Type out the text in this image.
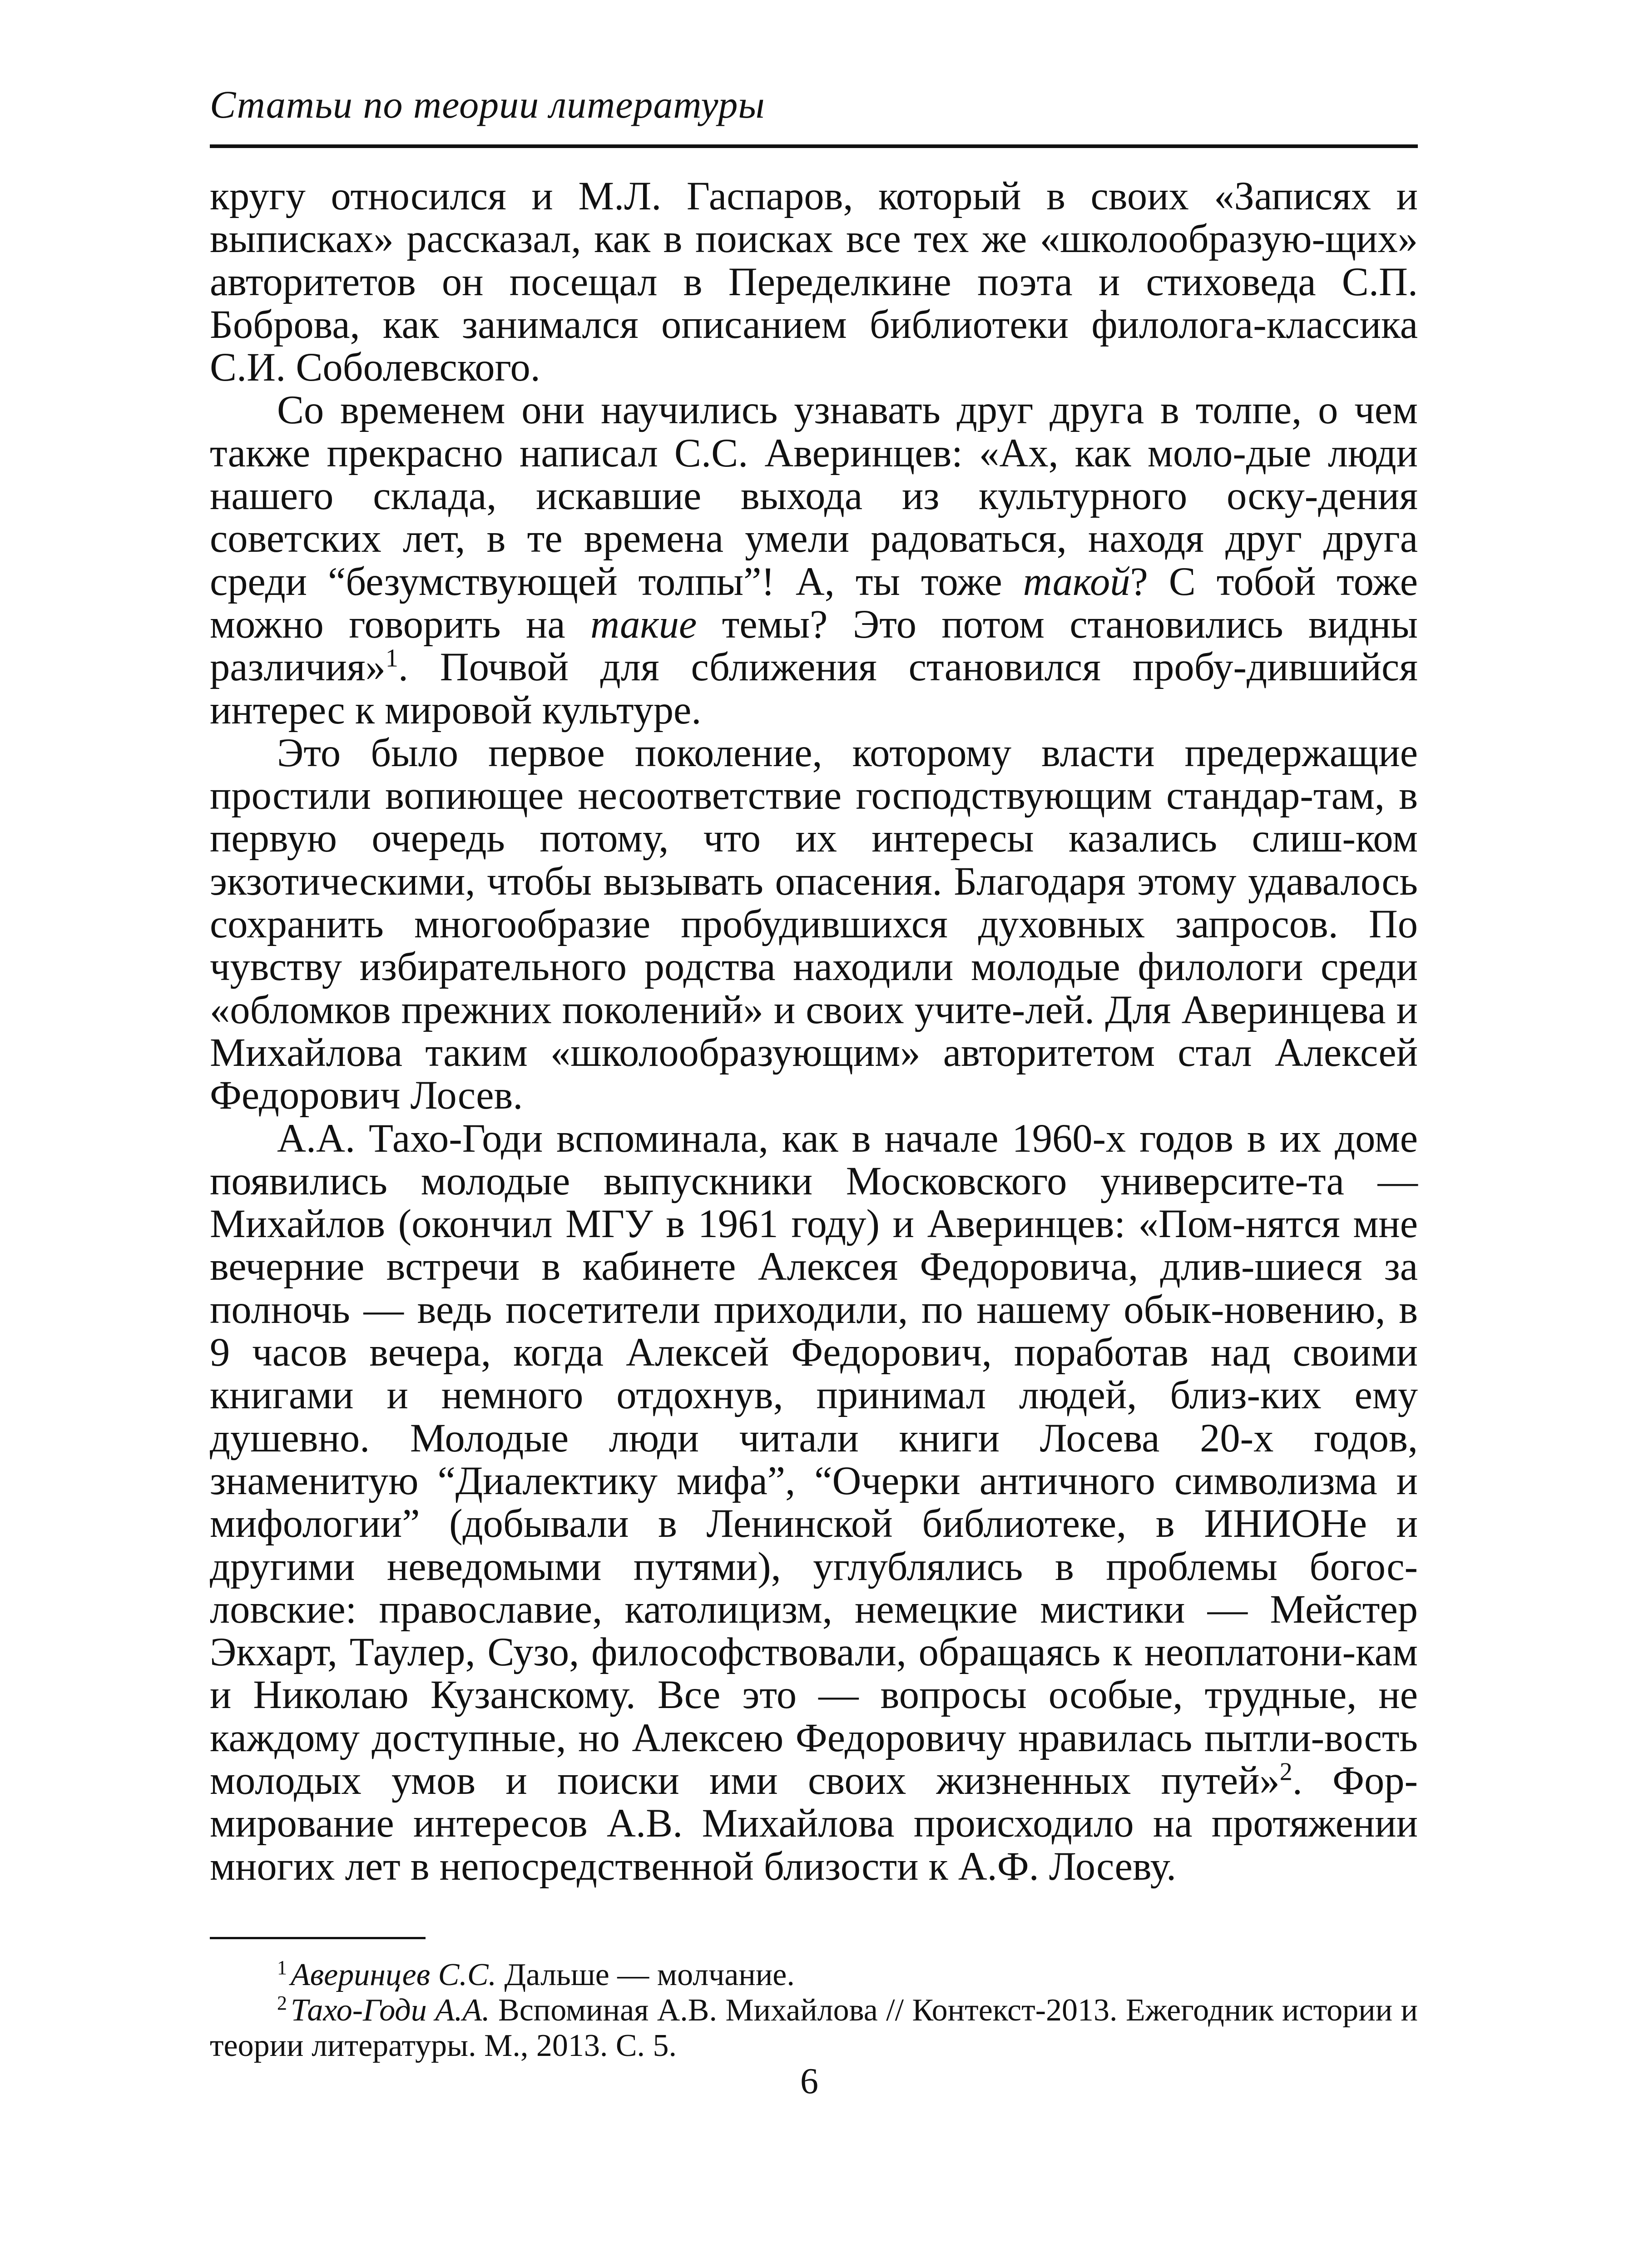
Статьи по теории литературы

кругу относился и М.Л. Гаспаров, который в своих «Записях и выписках» рассказал, как в поисках все тех же «школообразую-щих» авторитетов он посещал в Переделкине поэта и стиховеда С.П. Боброва, как занимался описанием библиотеки филолога-классика С.И. Соболевского.

Со временем они научились узнавать друг друга в толпе, о чем также прекрасно написал С.С. Аверинцев: «Ах, как моло-дые люди нашего склада, искавшие выхода из культурного оску-дения советских лет, в те времена умели радоваться, находя друг друга среди “безумствующей толпы”! А, ты тоже такой? С тобой тоже можно говорить на такие темы? Это потом становились видны различия»$^1$. Почвой для сближения становился пробу-дившийся интерес к мировой культуре.

Это было первое поколение, которому власти предержащие простили вопиющее несоответствие господствующим стандар-там, в первую очередь потому, что их интересы казались слиш-ком экзотическими, чтобы вызывать опасения. Благодаря этому удавалось сохранить многообразие пробудившихся духовных запросов. По чувству избирательного родства находили молодые филологи среди «обломков прежних поколений» и своих учите-лей. Для Аверинцева и Михайлова таким «школообразующим» авторитетом стал Алексей Федорович Лосев.

А.А. Тахо-Годи вспоминала, как в начале 1960-х годов в их доме появились молодые выпускники Московского университе-та —Михайлов (окончил МГУ в 1961 году) и Аверинцев: «Пом-нятся мне вечерние встречи в кабинете Алексея Федоровича, длив-шиеся за полночь — ведь посетители приходили, по нашему обык-новению, в 9 часов вечера, когда Алексей Федорович, поработав над своими книгами и немного отдохнув, принимал людей, близ-ких ему душевно. Молодые люди читали книги Лосева 20-х годов, знаменитую “Диалектику мифа”, “Очерки античного символизма и мифологии” (добывали в Ленинской библиотеке, в ИНИОНе и другими неведомыми путями), углублялись в проблемы богос-ловские: православие, католицизм, немецкие мистики — Мейстер Экхарт, Таулер, Сузо, философствовали, обращаясь к неоплатони-кам и Николаю Кузанскому. Все это — вопросы особые, трудные, не каждому доступные, но Алексею Федоровичу нравилась пытли-вость молодых умов и поиски ими своих жизненных путей»$^2$. Фор-мирование интересов А.В. Михайлова происходило на протяжении многих лет в непосредственной близости к А.Ф. Лосеву.

$^1$ Аверинцев С.С. Дальше — молчание.

$^2$ Тахо-Годи А.А. Вспоминая А.В. Михайлова // Контекст-2013. Ежегодник истории и теории литературы. М., 2013. С. 5.

6
